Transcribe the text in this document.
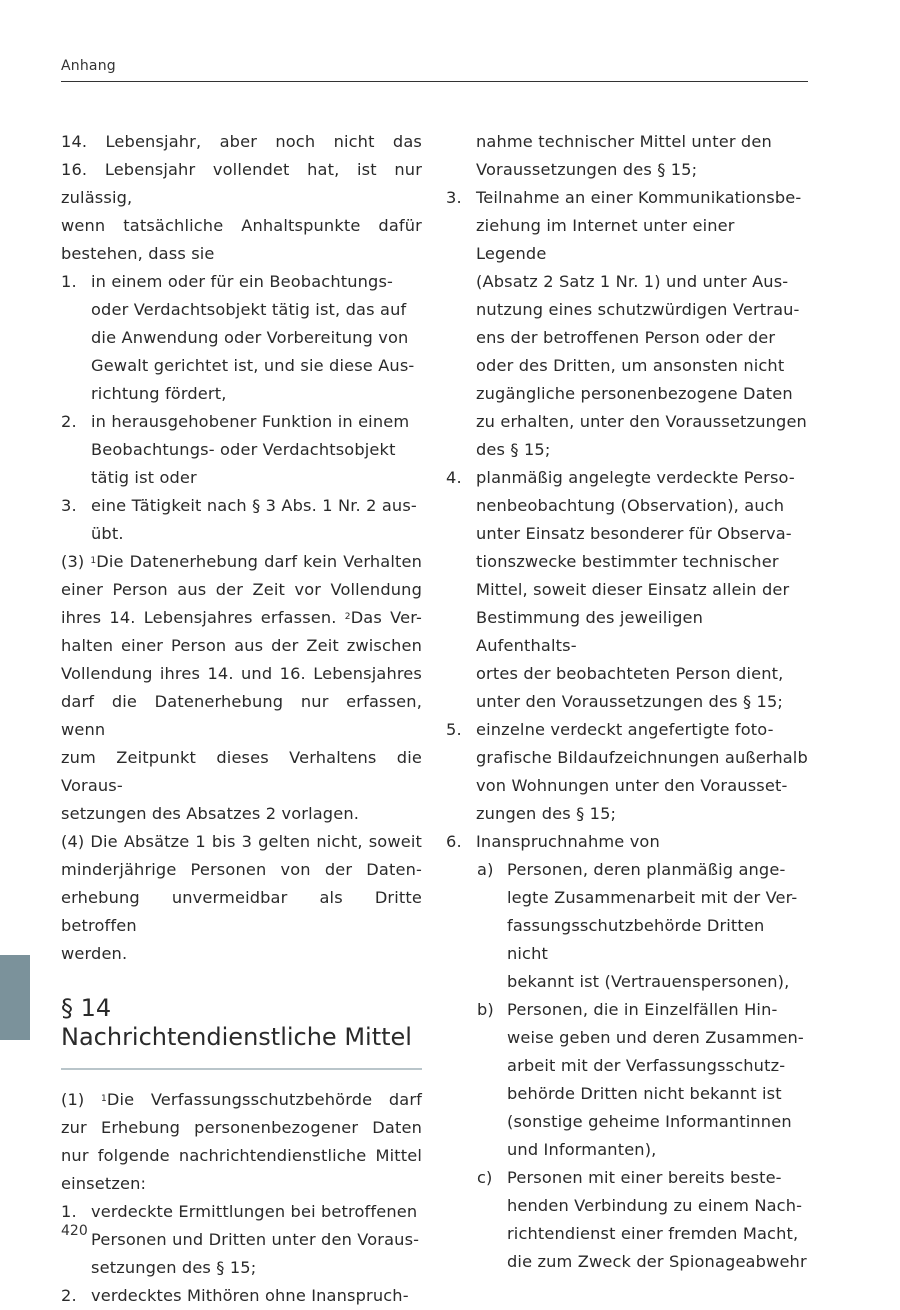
Anhang
420
14. Lebensjahr, aber noch nicht das
16. Lebensjahr vollendet hat, ist nur zulässig,
wenn tatsächliche Anhaltspunkte dafür
bestehen, dass sie
1. in einem oder für ein Beobachtungs-
oder Verdachtsobjekt tätig ist, das auf
die Anwendung oder Vorbereitung von
Gewalt gerichtet ist, und sie diese Aus-
richtung fördert,
2. in herausgehobener Funktion in einem
Beobachtungs- oder Verdachtsobjekt
tätig ist oder
3. eine Tätigkeit nach § 3 Abs. 1 Nr. 2 aus-
übt.
(3) $^1$Die Datenerhebung darf kein Verhalten
einer Person aus der Zeit vor Vollendung
ihres 14. Lebensjahres erfassen. $^2$Das Ver-
halten einer Person aus der Zeit zwischen
Vollendung ihres 14. und 16. Lebensjahres
darf die Datenerhebung nur erfassen, wenn
zum Zeitpunkt dieses Verhaltens die Voraus-
setzungen des Absatzes 2 vorlagen.
(4) Die Absätze 1 bis 3 gelten nicht, soweit
minderjährige Personen von der Daten-
erhebung unvermeidbar als Dritte betroffen
werden.
§ 14
Nachrichtendienstliche Mittel
(1) $^1$Die Verfassungsschutzbehörde darf
zur Erhebung personenbezogener Daten
nur folgende nachrichtendienstliche Mittel
einsetzen:
1. verdeckte Ermittlungen bei betroffenen
Personen und Dritten unter den Voraus-
setzungen des § 15;
2. verdecktes Mithören ohne Inanspruch-
nahme technischer Mittel unter den
Voraussetzungen des § 15;
3. Teilnahme an einer Kommunikationsbe-
ziehung im Internet unter einer Legende
(Absatz 2 Satz 1 Nr. 1) und unter Aus-
nutzung eines schutzwürdigen Vertrau-
ens der betroffenen Person oder der
oder des Dritten, um ansonsten nicht
zugängliche personenbezogene Daten
zu erhalten, unter den Voraussetzungen
des § 15;
4. planmäßig angelegte verdeckte Perso-
nenbeobachtung (Observation), auch
unter Einsatz besonderer für Observa-
tionszwecke bestimmter technischer
Mittel, soweit dieser Einsatz allein der
Bestimmung des jeweiligen Aufenthalts-
ortes der beobachteten Person dient,
unter den Voraussetzungen des § 15;
5. einzelne verdeckt angefertigte foto-
grafische Bildaufzeichnungen außerhalb
von Wohnungen unter den Vorausset-
zungen des § 15;
6. Inanspruchnahme von
a) Personen, deren planmäßig ange-
legte Zusammenarbeit mit der Ver-
fassungsschutzbehörde Dritten nicht
bekannt ist (Vertrauenspersonen),
b) Personen, die in Einzelfällen Hin-
weise geben und deren Zusammen-
arbeit mit der Verfassungsschutz-
behörde Dritten nicht bekannt ist
(sonstige geheime Informantinnen
und Informanten),
c) Personen mit einer bereits beste-
henden Verbindung zu einem Nach-
richtendienst einer fremden Macht,
die zum Zweck der Spionageabwehr
